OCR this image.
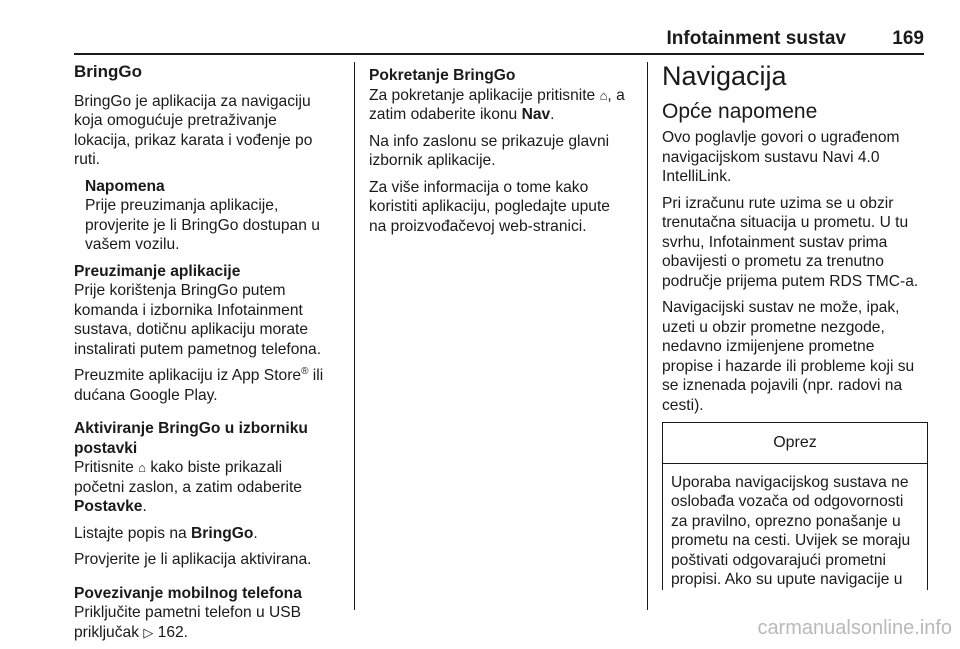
Infotainment sustav 169

BringGo

BringGo je aplikacija za navigaciju koja omogućuje pretraživanje lokacija, prikaz karata i vođenje po ruti.

Napomena

Prije preuzimanja aplikacije, provjerite je li BringGo dostupan u vašem vozilu.

Preuzimanje aplikacije

Prije korištenja BringGo putem komanda i izbornika Infotainment sustava, dotičnu aplikaciju morate instalirati putem pametnog telefona.

Preuzmite aplikaciju iz App Store® ili dućana Google Play.

Aktiviranje BringGo u izborniku postavki

Pritisnite ⌂ kako biste prikazali početni zaslon, a zatim odaberite Postavke.

Listajte popis na BringGo.

Provjerite je li aplikacija aktivirana.

Povezivanje mobilnog telefona

Priključite pametni telefon u USB priključak ▷ 162.

Pokretanje BringGo

Za pokretanje aplikacije pritisnite ⌂, a zatim odaberite ikonu Nav.

Na info zaslonu se prikazuje glavni izbornik aplikacije.

Za više informacija o tome kako koristiti aplikaciju, pogledajte upute na proizvođačevoj web-stranici.

Navigacija

Opće napomene

Ovo poglavlje govori o ugrađenom navigacijskom sustavu Navi 4.0 IntelliLink.

Pri izračunu rute uzima se u obzir trenutačna situacija u prometu. U tu svrhu, Infotainment sustav prima obavijesti o prometu za trenutno područje prijema putem RDS TMC-a.

Navigacijski sustav ne može, ipak, uzeti u obzir prometne nezgode, nedavno izmijenjene prometne propise i hazarde ili probleme koji su se iznenada pojavili (npr. radovi na cesti).

Oprez
Uporaba navigacijskog sustava ne oslobađa vozača od odgovornosti za pravilno, oprezno ponašanje u prometu na cesti. Uvijek se moraju poštivati odgovarajući prometni propisi. Ako su upute navigacije u
carmanualsonline.info
